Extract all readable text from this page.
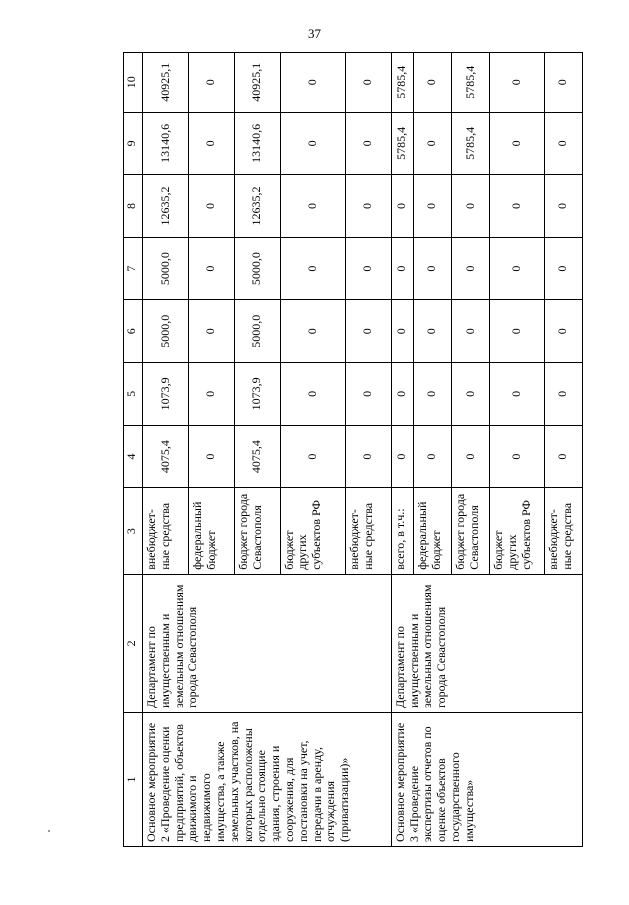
37
1	2	3	4	5	6	7	8	9	10
Основное мероприятие 2 «Проведение оценки предприятий, объектов движимого и недвижимого имущества, а также земельных участков, на которых расположены отдельно стоящие здания, строения и сооружения, для постановки на учет, передачи в аренду, отчуждения (приватизации)»	Департамент по имущественным и земельным отношениям города Севастополя	внебюджет-ные средства	4075,4	1073,9	5000,0	5000,0	12635,2	13140,6	40925,1
		федеральный бюджет	0	0	0	0	0	0	0
		бюджет города Севастополя	4075,4	1073,9	5000,0	5000,0	12635,2	13140,6	40925,1
		бюджет других субъектов РФ	0	0	0	0	0	0	0
		внебюджет-ные средства	0	0	0	0	0	0	0
Основное мероприятие 3 «Проведение экспертизы отчетов по оценке объектов государственного имущества»	Департамент по имущественным и земельным отношениям города Севастополя	всего, в т.ч.:	0	0	0	0	0	5785,4	5785,4
		федеральный бюджет	0	0	0	0	0	0	0
		бюджет города Севастополя	0	0	0	0	0	5785,4	5785,4
		бюджет других субъектов РФ	0	0	0	0	0	0	0
		внебюджет-ные средства	0	0	0	0	0	0	0
